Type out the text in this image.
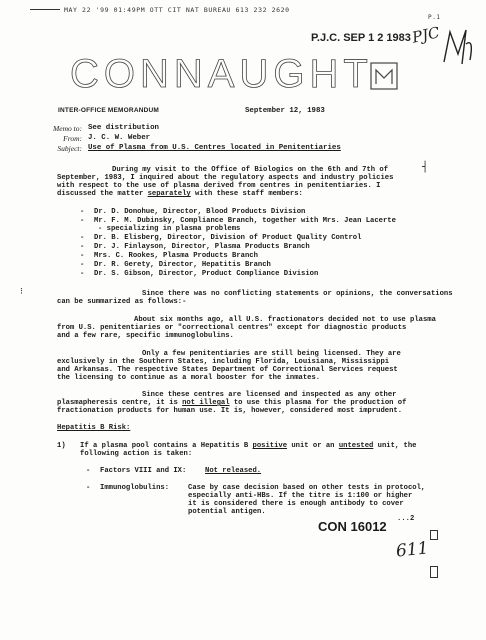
MAY 22 '99 01:49PM OTT CIT NAT BUREAU 613 232 2620
P.1
P.J.C. SEP 1 2 1983 PJC
CONNAUGHT
INTER-OFFICE MEMORANDUM	September 12, 1983
Memo to: See distribution
From: J. C. W. Weber
Subject: Use of Plasma from U.S. Centres located in Penitentiaries
During my visit to the Office of Biologics on the 6th and 7th of
September, 1983, I inquired about the regulatory aspects and industry policies
with respect to the use of plasma derived from centres in penitentiaries. I
discussed the matter separately with these staff members:
┤
- Dr. D. Donohue, Director, Blood Products Division
- Mr. F. M. Dubinsky, Compliance Branch, together with Mrs. Jean Lacerte
- specializing in plasma problems
- Dr. B. Elisberg, Director, Division of Product Quality Control
- Dr. J. Finlayson, Director, Plasma Products Branch
- Mrs. C. Rookes, Plasma Products Branch
- Dr. R. Gerety, Director, Hepatitis Branch
- Dr. S. Gibson, Director, Product Compliance Division
⁝	Since there was no conflicting statements or opinions, the conversations
can be summarized as follows:-
About six months ago, all U.S. fractionators decided not to use plasma
from U.S. penitentiaries or "correctional centres" except for diagnostic products
and a few rare, specific immunoglobulins.
Only a few penitentiaries are still being licensed. They are
exclusively in the Southern States, including Florida, Louisiana, Mississippi
and Arkansas. The respective States Department of Correctional Services request
the licensing to continue as a moral booster for the inmates.
Since these centres are licensed and inspected as any other
plasmapheresis centre, it is not illegal to use this plasma for the production of
fractionation products for human use. It is, however, considered most imprudent.
Hepatitis B Risk:
1) If a plasma pool contains a Hepatitis B positive unit or an untested unit, the
following action is taken:
- Factors VIII and IX:	Not released.
- Immunoglobulins:	Case by case decision based on other tests in protocol,
especially anti-HBs. If the titre is 1:100 or higher
it is considered there is enough antibody to cover
potential antigen.
CON 16012 ...2
611
